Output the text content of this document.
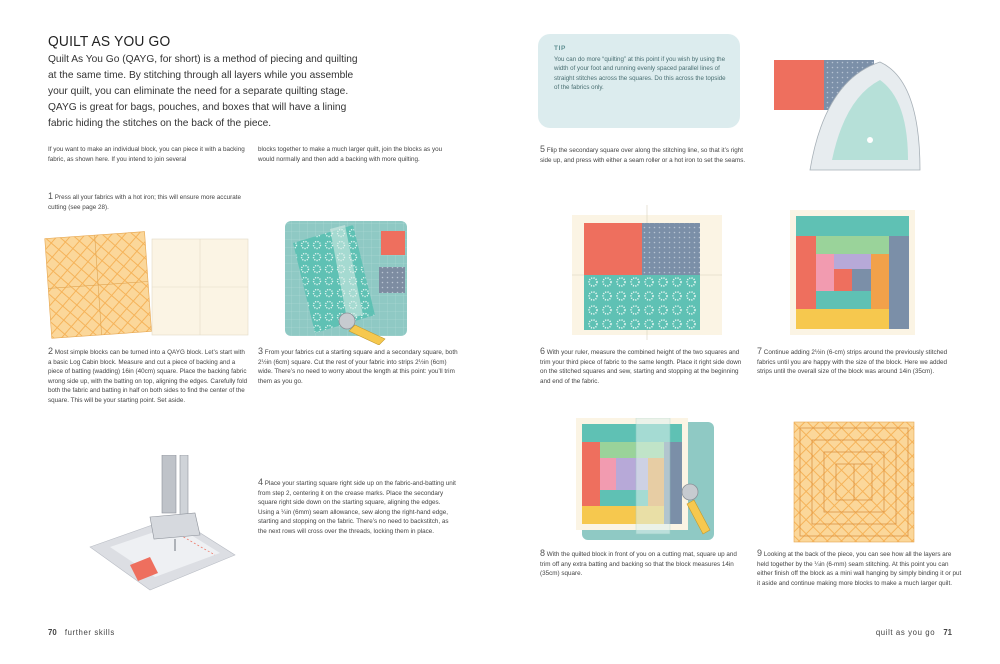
QUILT AS YOU GO
Quilt As You Go (QAYG, for short) is a method of piecing and quilting at the same time. By stitching through all layers while you assemble your quilt, you can eliminate the need for a separate quilting stage. QAYG is great for bags, pouches, and boxes that will have a lining fabric hiding the stitches on the back of the piece.
If you want to make an individual block, you can piece it with a backing fabric, as shown here. If you intend to join several
blocks together to make a much larger quilt, join the blocks as you would normally and then add a backing with more quilting.
1 Press all your fabrics with a hot iron; this will ensure more accurate cutting (see page 28).
2 Most simple blocks can be turned into a QAYG block. Let’s start with a basic Log Cabin block. Measure and cut a piece of backing and a piece of batting (wadding) 16in (40cm) square. Place the backing fabric wrong side up, with the batting on top, aligning the edges. Carefully fold both the fabric and batting in half on both sides to find the center of the square. This will be your starting point. Set aside.
3 From your fabrics cut a starting square and a secondary square, both 2½in (6cm) square. Cut the rest of your fabric into strips 2½in (6cm) wide. There’s no need to worry about the length at this point: you’ll trim them as you go.
4 Place your starting square right side up on the fabric-and-batting unit from step 2, centering it on the crease marks. Place the secondary square right side down on the starting square, aligning the edges. Using a ¼in (6mm) seam allowance, sew along the right-hand edge, starting and stopping on the fabric. There’s no need to backstitch, as the next rows will cross over the threads, locking them in place.
70 further skills
TIP
You can do more “quilting” at this point if you wish by using the width of your foot and running evenly spaced parallel lines of straight stitches across the squares. Do this across the topside of the fabrics only.
5 Flip the secondary square over along the stitching line, so that it’s right side up, and press with either a seam roller or a hot iron to set the seams.
6 With your ruler, measure the combined height of the two squares and trim your third piece of fabric to the same length. Place it right side down on the stitched squares and sew, starting and stopping at the beginning and end of the fabric.
7 Continue adding 2½in (6-cm) strips around the previously stitched fabrics until you are happy with the size of the block. Here we added strips until the overall size of the block was around 14in (35cm).
8 With the quilted block in front of you on a cutting mat, square up and trim off any extra batting and backing so that the block measures 14in (35cm) square.
9 Looking at the back of the piece, you can see how all the layers are held together by the ¼in (6-mm) seam stitching. At this point you can either finish off the block as a mini wall hanging by simply binding it or put it aside and continue making more blocks to make a much larger quilt.
quilt as you go 71
